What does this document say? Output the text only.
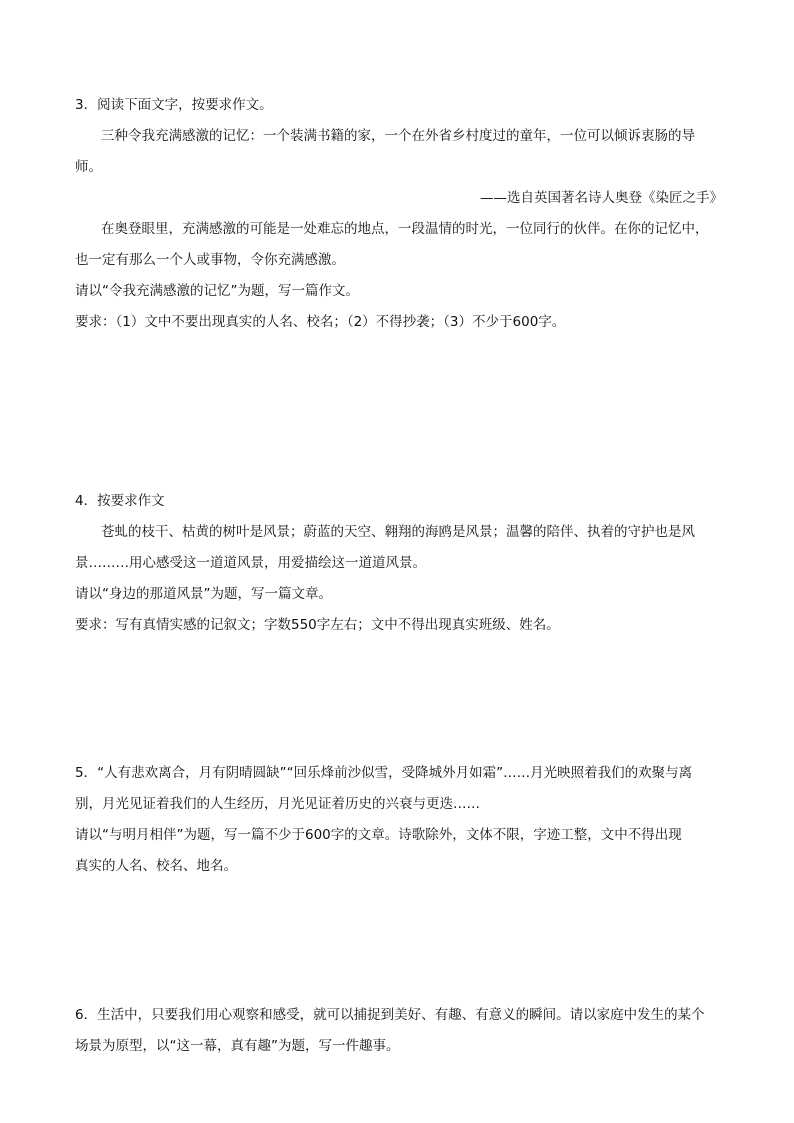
3．阅读下面文字，按要求作文。

三种令我充满感激的记忆：一个装满书籍的家，一个在外省乡村度过的童年，一位可以倾诉衷肠的导

师。

——选自英国著名诗人奥登《染匠之手》

在奥登眼里，充满感激的可能是一处难忘的地点，一段温情的时光，一位同行的伙伴。在你的记忆中，

也一定有那么一个人或事物，令你充满感激。

请以“令我充满感激的记忆”为题，写一篇作文。

要求：（1）文中不要出现真实的人名、校名；（2）不得抄袭；（3）不少于600字。

4．按要求作文

苍虬的枝干、枯黄的树叶是风景；蔚蓝的天空、翱翔的海鸥是风景；温馨的陪伴、执着的守护也是风

景………用心感受这一道道风景，用爱描绘这一道道风景。

请以“身边的那道风景”为题，写一篇文章。

要求：写有真情实感的记叙文；字数550字左右；文中不得出现真实班级、姓名。

5．“人有悲欢离合，月有阴晴圆缺”“回乐烽前沙似雪，受降城外月如霜”……月光映照着我们的欢聚与离

别，月光见证着我们的人生经历，月光见证着历史的兴衰与更迭……

请以“与明月相伴”为题，写一篇不少于600字的文章。诗歌除外，文体不限，字迹工整，文中不得出现

真实的人名、校名、地名。

6．生活中，只要我们用心观察和感受，就可以捕捉到美好、有趣、有意义的瞬间。请以家庭中发生的某个

场景为原型，以“这一幕，真有趣”为题，写一件趣事。
